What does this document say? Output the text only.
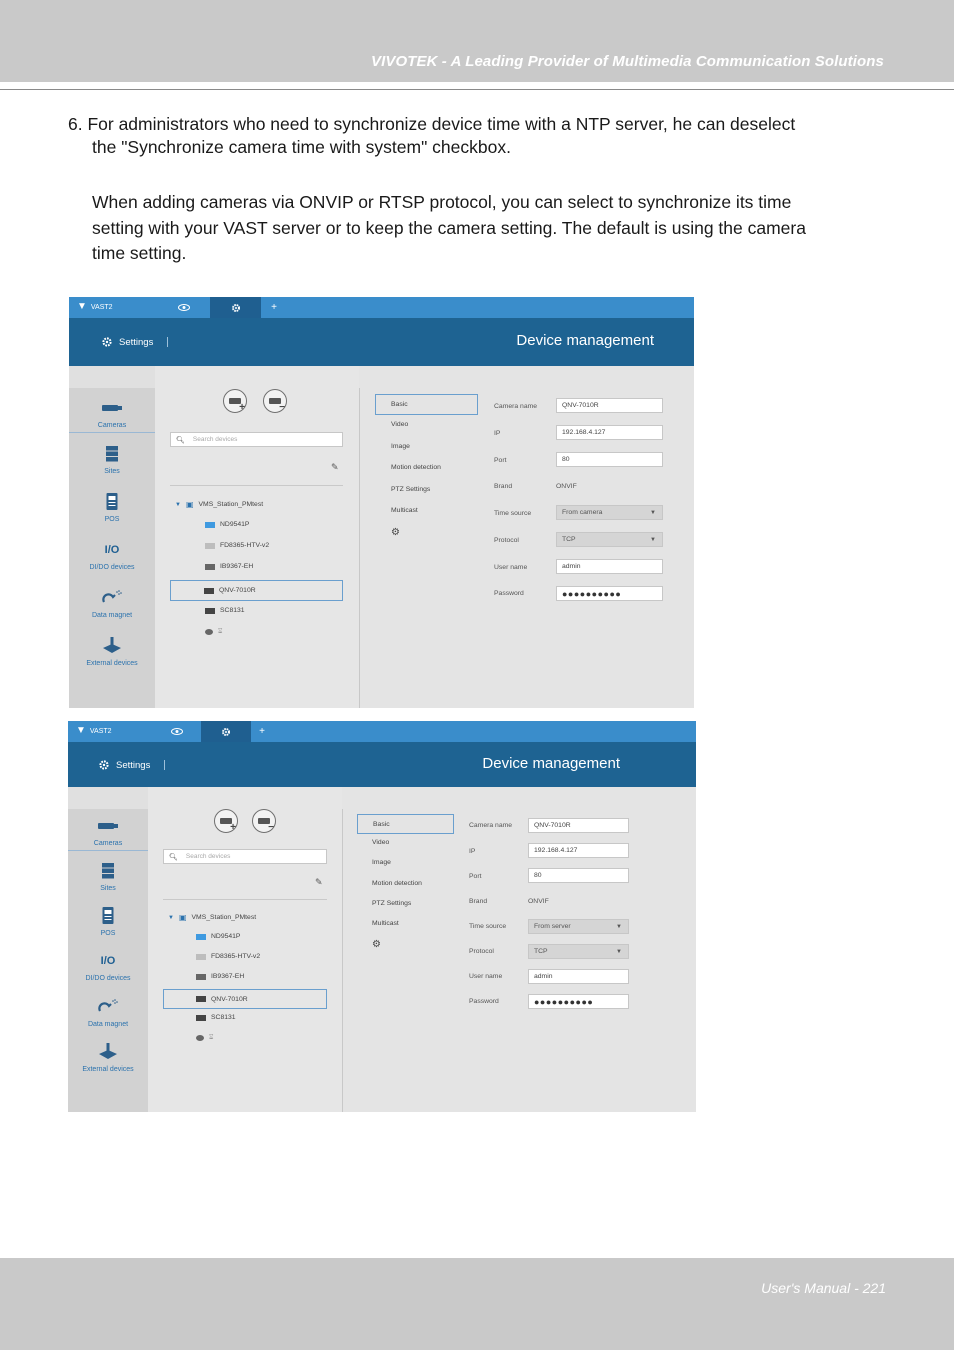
VIVOTEK - A Leading Provider of Multimedia Communication Solutions
6. For administrators who need to synchronize device time with a NTP server, he can deselect
the "Synchronize camera time with system" checkbox.
When adding cameras via ONVIP or RTSP protocol, you can select to synchronize its time
setting with your VAST server or to keep the camera setting. The default is using the camera
time setting.
▼ VAST2	+
Settings	Device management
Cameras
Sites
POS
I/O
DI/DO devices
Data magnet
External devices
+	−
🔍︎ Search devices
✎
▼ ▣ VMS_Station_PMtest
ND9541P
FD8365-HTV-v2
IB9367-EH
QNV-7010R
SC8131
⌛︎
Basic
Video
Image
Motion detection
PTZ Settings
Multicast
⚙︎
Camera name	QNV-7010R
IP	192.168.4.127
Port	80
Brand	ONVIF
Time source	From camera	▼
Protocol	TCP	▼
User name	admin
Password	●●●●●●●●●●
▼ VAST2	+
Settings	Device management
Cameras
Sites
POS
I/O
DI/DO devices
Data magnet
External devices
+	−
🔍︎ Search devices
✎
▼ ▣ VMS_Station_PMtest
ND9541P
FD8365-HTV-v2
IB9367-EH
QNV-7010R
SC8131
⌛︎
Basic
Video
Image
Motion detection
PTZ Settings
Multicast
⚙︎
Camera name	QNV-7010R
IP	192.168.4.127
Port	80
Brand	ONVIF
Time source	From server	▼
Protocol	TCP	▼
User name	admin
Password	●●●●●●●●●●
User's Manual - 221
